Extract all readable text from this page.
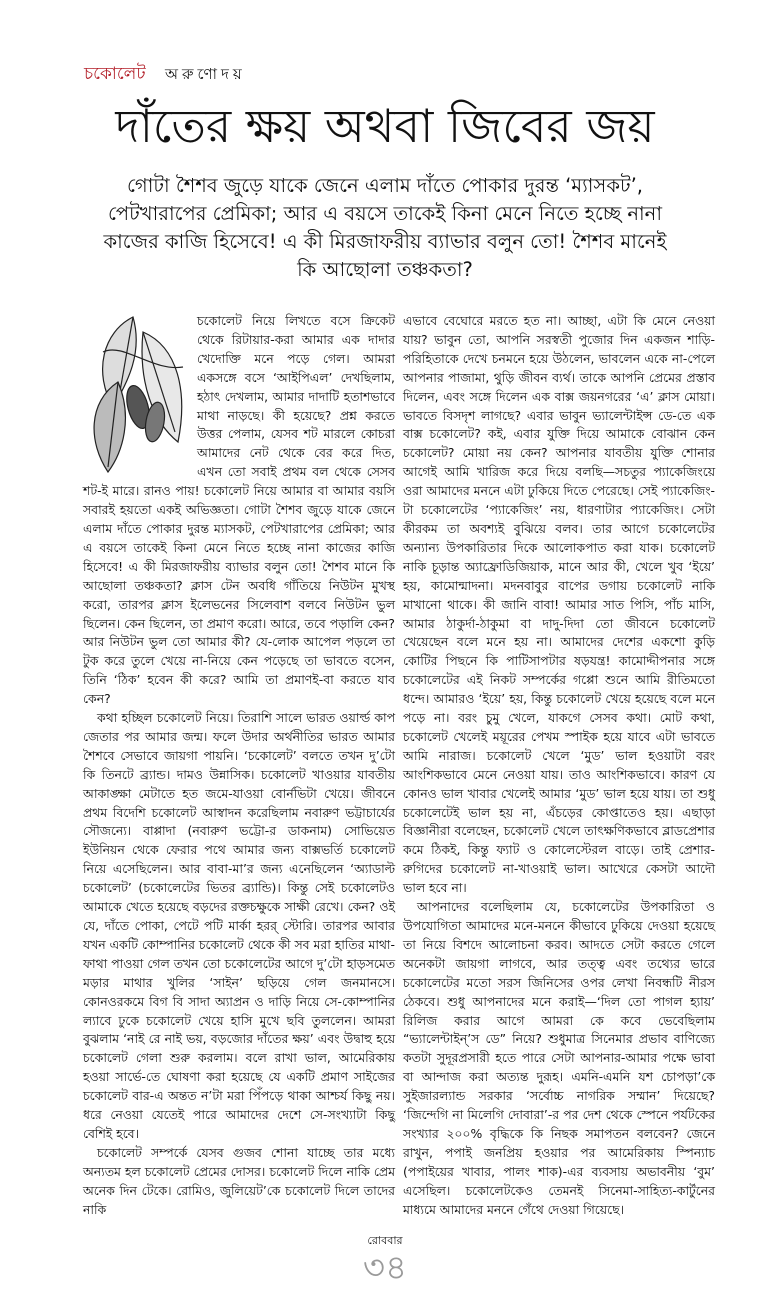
চকোলেট অরুণোদয়
দাঁতের ক্ষয় অথবা জিবের জয়
গোটা শৈশব জুড়ে যাকে জেনে এলাম দাঁতে পোকার দুরন্ত ‘ম্যাসকট’, পেটখারাপের প্রেমিকা; আর এ বয়সে তাকেই কিনা মেনে নিতে হচ্ছে নানা কাজের কাজি হিসেবে! এ কী মিরজাফরীয় ব্যাভার বলুন তো! শৈশব মানেই কি আছোলা তঞ্চকতা?

চকোলেট নিয়ে লিখতে বসে ক্রিকেট থেকে রিটায়ার-করা আমার এক দাদার খেদোক্তি মনে পড়ে গেল। আমরা একসঙ্গে বসে ‘আইপিএল’ দেখছিলাম, হঠাৎ দেখলাম, আমার দাদাটি হতাশভাবে মাথা নাড়ছে। কী হয়েছে? প্রশ্ন করতে উত্তর পেলাম, যেসব শট মারলে কোচরা আমাদের নেট থেকে বের করে দিত, এখন তো সবাই প্রথম বল থেকে সেসব শট-ই মারে। রানও পায়! চকোলেট নিয়ে আমার বা আমার বয়সি সবারই হয়তো একই অভিজ্ঞতা। গোটা শৈশব জুড়ে যাকে জেনে এলাম দাঁতে পোকার দুরন্ত ম্যাসকট, পেটখারাপের প্রেমিকা; আর এ বয়সে তাকেই কিনা মেনে নিতে হচ্ছে নানা কাজের কাজি হিসেবে! এ কী মিরজাফরীয় ব্যাভার বলুন তো! শৈশব মানে কি আছোলা তঞ্চকতা? ক্লাস টেন অবধি গাঁতিয়ে নিউটন মুখস্থ করো, তারপর ক্লাস ইলেভনের সিলেবাশ বলবে নিউটন ভুল ছিলেন। কেন ছিলেন, তা প্রমাণ করো। আরে, তবে পড়ালি কেন? আর নিউটন ভুল তো আমার কী? যে-লোক আপেল পড়লে তা টুক করে তুলে খেয়ে না-নিয়ে কেন পড়েছে তা ভাবতে বসেন, তিনি ‘ঠিক’ হবেন কী করে? আমি তা প্রমাণই-বা করতে যাব কেন?

কথা হচ্ছিল চকোলেট নিয়ে। তিরাশি সালে ভারত ওয়ার্ল্ড কাপ জেতার পর আমার জন্ম। ফলে উদার অর্থনীতির ভারত আমার শৈশবে সেভাবে জায়গা পায়নি। ‘চকোলেট’ বলতে তখন দু’টো কি তিনটে ব্র্যান্ড। দামও উন্নাসিক। চকোলেট খাওয়ার যাবতীয় আকাঙ্ক্ষা মেটাতে হত জমে-যাওয়া বোর্নভিটা খেয়ে। জীবনে প্রথম বিদেশি চকোলেট আস্বাদন করেছিলাম নবারুণ ভট্টাচার্যের সৌজন্যে। বাপ্পাদা (নবারুণ ভট্টো-র ডাকনাম) সোভিয়েত ইউনিয়ন থেকে ফেরার পথে আমার জন্য বাক্সভর্তি চকোলেট নিয়ে এসেছিলেন। আর বাবা-মা’র জন্য এনেছিলেন ‘অ্যাডাল্ট চকোলেট’ (চকোলেটের ভিতর ব্র্যান্ডি)। কিন্তু সেই চকোলেটও আমাকে খেতে হয়েছে বড়দের রক্তচক্ষুকে সাক্ষী রেখে। কেন? ওই যে, দাঁতে পোকা, পেটে পটি মার্কা হরর্ স্টোরি। তারপর আবার যখন একটি কোম্পানির চকোলেট থেকে কী সব মরা হাতির মাথা-ফাথা পাওয়া গেল তখন তো চকোলেটের আগে দু’টো হাড়সমেত মড়ার মাথার খুলির ‘সাইন’ ছড়িয়ে গেল জনমানসে। কোনওরকমে বিগ বি সাদা অ্যাপ্রন ও দাড়ি নিয়ে সে-কোম্পানির ল্যাবে ঢুকে চকোলেট খেয়ে হাসি মুখে ছবি তুললেন। আমরা বুঝলাম ‘নাই রে নাই ভয়, বড়জোর দাঁতের ক্ষয়’ এবং উদ্বাহু হয়ে চকোলেট গেলা শুরু করলাম। বলে রাখা ভাল, আমেরিকায় হওয়া সার্ভে-তে ঘোষণা করা হয়েছে যে একটি প্রমাণ সাইজের চকোলেট বার-এ অন্তত ন’টা মরা পিঁপড়ে থাকা আশ্চর্য কিছু নয়। ধরে নেওয়া যেতেই পারে আমাদের দেশে সে-সংখ্যাটা কিছু বেশিই হবে।

চকোলেট সম্পর্কে যেসব গুজব শোনা যাচ্ছে তার মধ্যে অন্যতম হল চকোলেট প্রেমের দোসর। চকোলেট দিলে নাকি প্রেম অনেক দিন টেকে। রোমিও, জুলিয়েট’কে চকোলেট দিলে তাদের নাকি

এভাবে বেঘোরে মরতে হত না। আচ্ছা, এটা কি মেনে নেওয়া যায়? ভাবুন তো, আপনি সরস্বতী পুজোর দিন একজন শাড়ি-পরিহিতাকে দেখে চনমনে হয়ে উঠলেন, ভাবলেন একে না-পেলে আপনার পাজামা, থুড়ি জীবন ব্যর্থ। তাকে আপনি প্রেমের প্রস্তাব দিলেন, এবং সঙ্গে দিলেন এক বাক্স জয়নগরের ‘এ’ ক্লাস মোয়া। ভাবতে বিসদৃশ লাগছে? এবার ভাবুন ভ্যালেন্টাইন্স ডে-তে এক বাক্স চকোলেট? কই, এবার যুক্তি দিয়ে আমাকে বোঝান কেন চকোলেট? মোয়া নয় কেন? আপনার যাবতীয় যুক্তি শোনার আগেই আমি খারিজ করে দিয়ে বলছি—সচতুর প্যাকেজিংয়ে ওরা আমাদের মননে এটা ঢুকিয়ে দিতে পেরেছে। সেই প্যাকেজিং-টা চকোলেটের ‘প্যাকেজিং’ নয়, ধারণাটার প্যাকেজিং। সেটা কীরকম তা অবশ্যই বুঝিয়ে বলব। তার আগে চকোলেটের অন্যান্য উপকারিতার দিকে আলোকপাত করা যাক। চকোলেট নাকি চূড়ান্ত অ্যাফ্রোডিজিয়াক, মানে আর কী, খেলে খুব ‘ইয়ে’ হয়, কামোন্মাদনা। মদনবাবুর বাপের ডগায় চকোলেট নাকি মাখানো থাকে। কী জানি বাবা! আমার সাত পিসি, পাঁচ মাসি, আমার ঠাকুর্দা-ঠাকুমা বা দাদু-দিদা তো জীবনে চকোলেট খেয়েছেন বলে মনে হয় না। আমাদের দেশের একশো কুড়ি কোটির পিছনে কি পাটিসাপটার ষড়যন্ত্র! কামোদ্দীপনার সঙ্গে চকোলেটের এই নিকট সম্পর্কের গপ্পো শুনে আমি রীতিমতো ধন্দে। আমারও ‘ইয়ে’ হয়, কিন্তু চকোলেট খেয়ে হয়েছে বলে মনে পড়ে না। বরং চুমু খেলে, যাকগে সেসব কথা। মোট কথা, চকোলেট খেলেই ময়ূরের পেখম স্পাইক হয়ে যাবে এটা ভাবতে আমি নারাজ। চকোলেট খেলে ‘মুড’ ভাল হওয়াটা বরং আংশিকভাবে মেনে নেওয়া যায়। তাও আংশিকভাবে। কারণ যে কোনও ভাল খাবার খেলেই আমার ‘মুড’ ভাল হয়ে যায়। তা শুধু চকোলেটেই ভাল হয় না, এঁচড়ের কোপ্তাতেও হয়। এছাড়া বিজ্ঞানীরা বলেছেন, চকোলেট খেলে তাৎক্ষণিকভাবে ব্লাডপ্রেশার কমে ঠিকই, কিন্তু ফ্যাট ও কোলেস্টেরল বাড়ে। তাই প্রেশার-রুগিদের চকোলেট না-খাওয়াই ভাল। আখেরে কেসটা আদৌ ভাল হবে না।

আপনাদের বলেছিলাম যে, চকোলেটের উপকারিতা ও উপযোগিতা আমাদের মনে-মননে কীভাবে ঢুকিয়ে দেওয়া হয়েছে তা নিয়ে বিশদে আলোচনা করব। আদতে সেটা করতে গেলে অনেকটা জায়গা লাগবে, আর তত্ত্ব এবং তথ্যের ভারে চকোলেটের মতো সরস জিনিসের ওপর লেখা নিবন্ধটি নীরস ঠেকবে। শুধু আপনাদের মনে করাই—‘দিল তো পাগল হ্যায়’ রিলিজ করার আগে আমরা কে কবে ভেবেছিলাম “ভ্যালেন্টাইন্’স ডে” নিয়ে? শুধুমাত্র সিনেমার প্রভাব বাণিজ্যে কতটা সুদূরপ্রসারী হতে পারে সেটা আপনার-আমার পক্ষে ভাবা বা আন্দাজ করা অত্যন্ত দুরূহ। এমনি-এমনি যশ চোপড়া’কে সুইজারল্যান্ড সরকার ‘সর্বোচ্চ নাগরিক সম্মান’ দিয়েছে? ‘জিন্দেগি না মিলেগি দোবারা’-র পর দেশ থেকে স্পেনে পর্যটকের সংখ্যার ২০০% বৃদ্ধিকে কি নিছক সমাপতন বলবেন? জেনে রাখুন, পপাই জনপ্রিয় হওয়ার পর আমেরিকায় স্পিন্যাচ (পপাইয়ের খাবার, পালং শাক)-এর ব্যবসায় অভাবনীয় ‘বুম’ এসেছিল। চকোলেটকেও তেমনই সিনেমা-সাহিত্য-কার্টুনের মাধ্যমে আমাদের মননে গেঁথে দেওয়া গিয়েছে।

রোববার
৩৪
